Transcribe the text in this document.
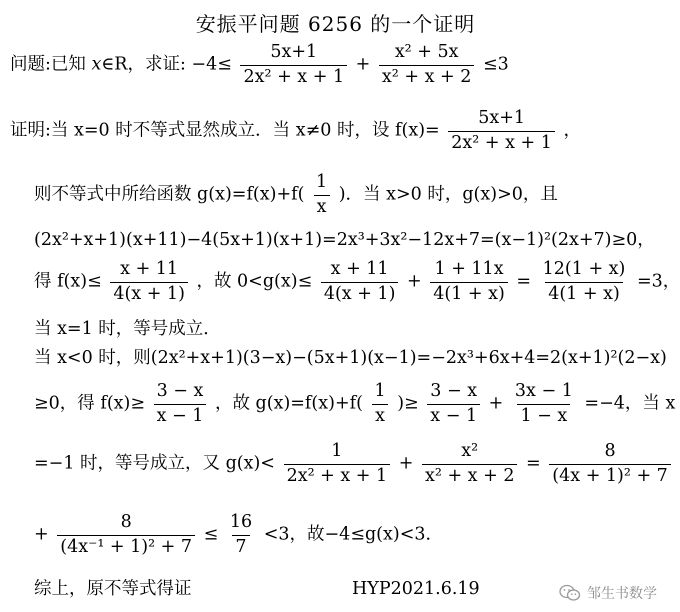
安振平问题 6256 的一个证明
问题:已知 x∈R，求证: $-4\le \frac{5x+1}{\text{2x² + x + 1}} + \frac{\text{x² + 5x}}{\text{x² + x + 2}} \le 3$
证明:当 x=0 时不等式显然成立．当 x≠0 时，设 $f(x)= \frac{5x+1}{\text{2x² + x + 1}}$ ，
则不等式中所给函数 $g(x)=f(x)+f( \frac{1}{x}$ )．当 x>0 时，g(x)>0，且
(2x²+x+1)(x+11)−4(5x+1)(x+1)=2x³+3x²−12x+7=(x−1)²(2x+7)≥0，
得 $f(x)\le \frac{x + 11}{4(x + 1)}$ ，故 $0<g(x)\le \frac{x + 11}{4(x + 1)} + \frac{1 + 11x}{4(1 + x)} = \frac{12(1 + x)}{4(1 + x)} =3$，
当 x=1 时，等号成立．
当 x<0 时，则(2x²+x+1)(3−x)−(5x+1)(x−1)=−2x³+6x+4=2(x+1)²(2−x)
≥0，得 $f(x)\ge \frac{3 - x}{x - 1}$ ，故 $g(x)=f(x)+f( \frac{1}{x}$ )≥ $\frac{3 - x}{x - 1} + \frac{3x - 1}{1 - x} =-4$，当 x
=−1 时，等号成立，又 $g(x)< \frac{1}{\text{2x² + x + 1}} + \frac{\text{x²}}{\text{x² + x + 2}} = \frac{8}{\text{(4x + 1)² + 7}}$
+ $\frac{8}{\text{(4x⁻¹ + 1)² + 7}} \le \frac{16}{7} <3$，故−4≤g(x)<3．
综上，原不等式得证	HYP2021.6.19	邹生书数学
